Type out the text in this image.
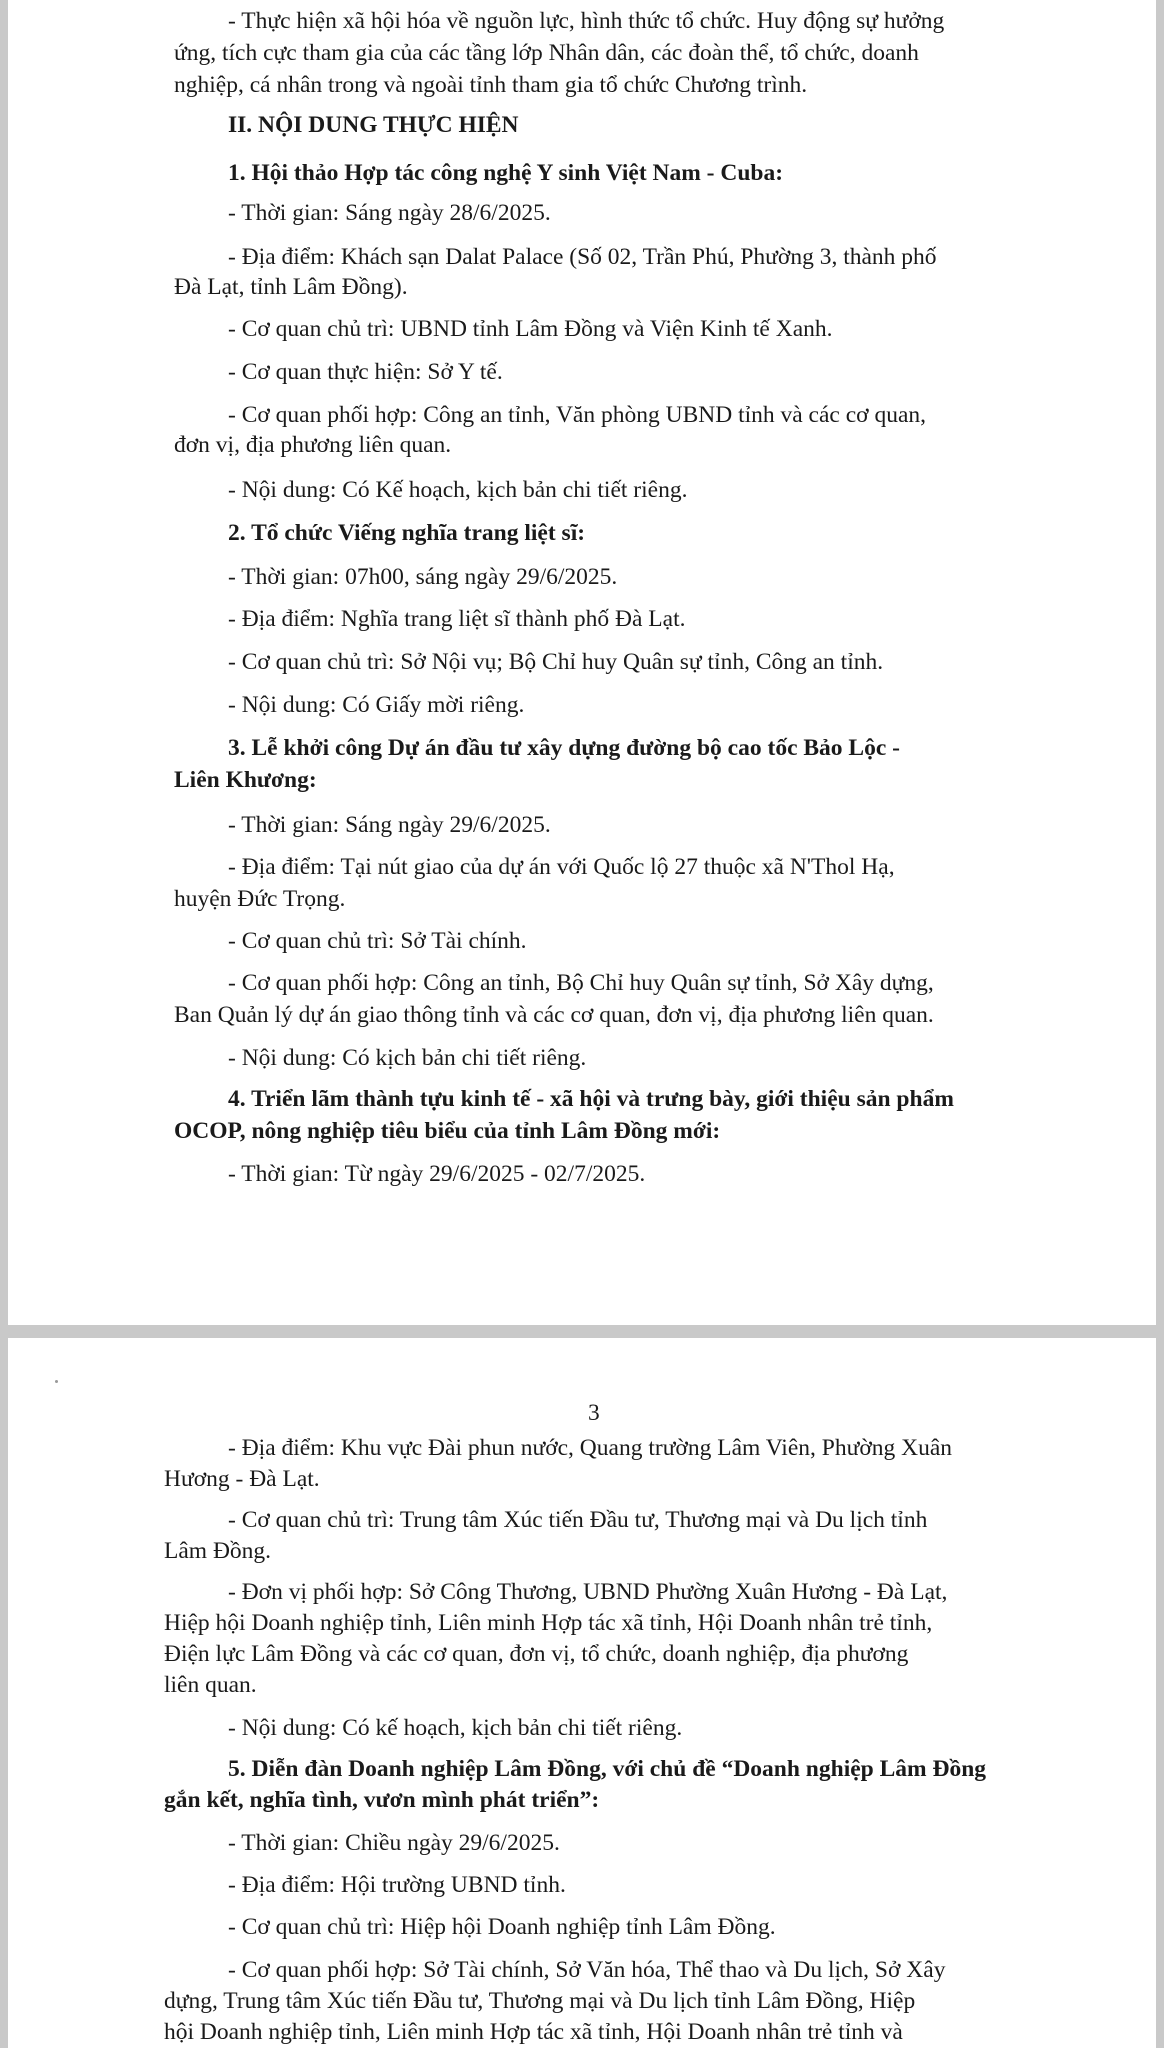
- Thực hiện xã hội hóa về nguồn lực, hình thức tổ chức. Huy động sự hưởng
ứng, tích cực tham gia của các tầng lớp Nhân dân, các đoàn thể, tổ chức, doanh
nghiệp, cá nhân trong và ngoài tỉnh tham gia tổ chức Chương trình.
II. NỘI DUNG THỰC HIỆN
1. Hội thảo Hợp tác công nghệ Y sinh Việt Nam - Cuba:
- Thời gian: Sáng ngày 28/6/2025.
- Địa điểm: Khách sạn Dalat Palace (Số 02, Trần Phú, Phường 3, thành phố
Đà Lạt, tỉnh Lâm Đồng).
- Cơ quan chủ trì: UBND tỉnh Lâm Đồng và Viện Kinh tế Xanh.
- Cơ quan thực hiện: Sở Y tế.
- Cơ quan phối hợp: Công an tỉnh, Văn phòng UBND tỉnh và các cơ quan,
đơn vị, địa phương liên quan.
- Nội dung: Có Kế hoạch, kịch bản chi tiết riêng.
2. Tổ chức Viếng nghĩa trang liệt sĩ:
- Thời gian: 07h00, sáng ngày 29/6/2025.
- Địa điểm: Nghĩa trang liệt sĩ thành phố Đà Lạt.
- Cơ quan chủ trì: Sở Nội vụ; Bộ Chỉ huy Quân sự tỉnh, Công an tỉnh.
- Nội dung: Có Giấy mời riêng.
3. Lễ khởi công Dự án đầu tư xây dựng đường bộ cao tốc Bảo Lộc -
Liên Khương:
- Thời gian: Sáng ngày 29/6/2025.
- Địa điểm: Tại nút giao của dự án với Quốc lộ 27 thuộc xã N'Thol Hạ,
huyện Đức Trọng.
- Cơ quan chủ trì: Sở Tài chính.
- Cơ quan phối hợp: Công an tỉnh, Bộ Chỉ huy Quân sự tỉnh, Sở Xây dựng,
Ban Quản lý dự án giao thông tỉnh và các cơ quan, đơn vị, địa phương liên quan.
- Nội dung: Có kịch bản chi tiết riêng.
4. Triển lãm thành tựu kinh tế - xã hội và trưng bày, giới thiệu sản phẩm
OCOP, nông nghiệp tiêu biểu của tỉnh Lâm Đồng mới:
- Thời gian: Từ ngày 29/6/2025 - 02/7/2025.
3
- Địa điểm: Khu vực Đài phun nước, Quang trường Lâm Viên, Phường Xuân
Hương - Đà Lạt.
- Cơ quan chủ trì: Trung tâm Xúc tiến Đầu tư, Thương mại và Du lịch tỉnh
Lâm Đồng.
- Đơn vị phối hợp: Sở Công Thương, UBND Phường Xuân Hương - Đà Lạt,
Hiệp hội Doanh nghiệp tỉnh, Liên minh Hợp tác xã tỉnh, Hội Doanh nhân trẻ tỉnh,
Điện lực Lâm Đồng và các cơ quan, đơn vị, tổ chức, doanh nghiệp, địa phương
liên quan.
- Nội dung: Có kế hoạch, kịch bản chi tiết riêng.
5. Diễn đàn Doanh nghiệp Lâm Đồng, với chủ đề “Doanh nghiệp Lâm Đồng
gắn kết, nghĩa tình, vươn mình phát triển”:
- Thời gian: Chiều ngày 29/6/2025.
- Địa điểm: Hội trường UBND tỉnh.
- Cơ quan chủ trì: Hiệp hội Doanh nghiệp tỉnh Lâm Đồng.
- Cơ quan phối hợp: Sở Tài chính, Sở Văn hóa, Thể thao và Du lịch, Sở Xây
dựng, Trung tâm Xúc tiến Đầu tư, Thương mại và Du lịch tỉnh Lâm Đồng, Hiệp
hội Doanh nghiệp tỉnh, Liên minh Hợp tác xã tỉnh, Hội Doanh nhân trẻ tỉnh và
